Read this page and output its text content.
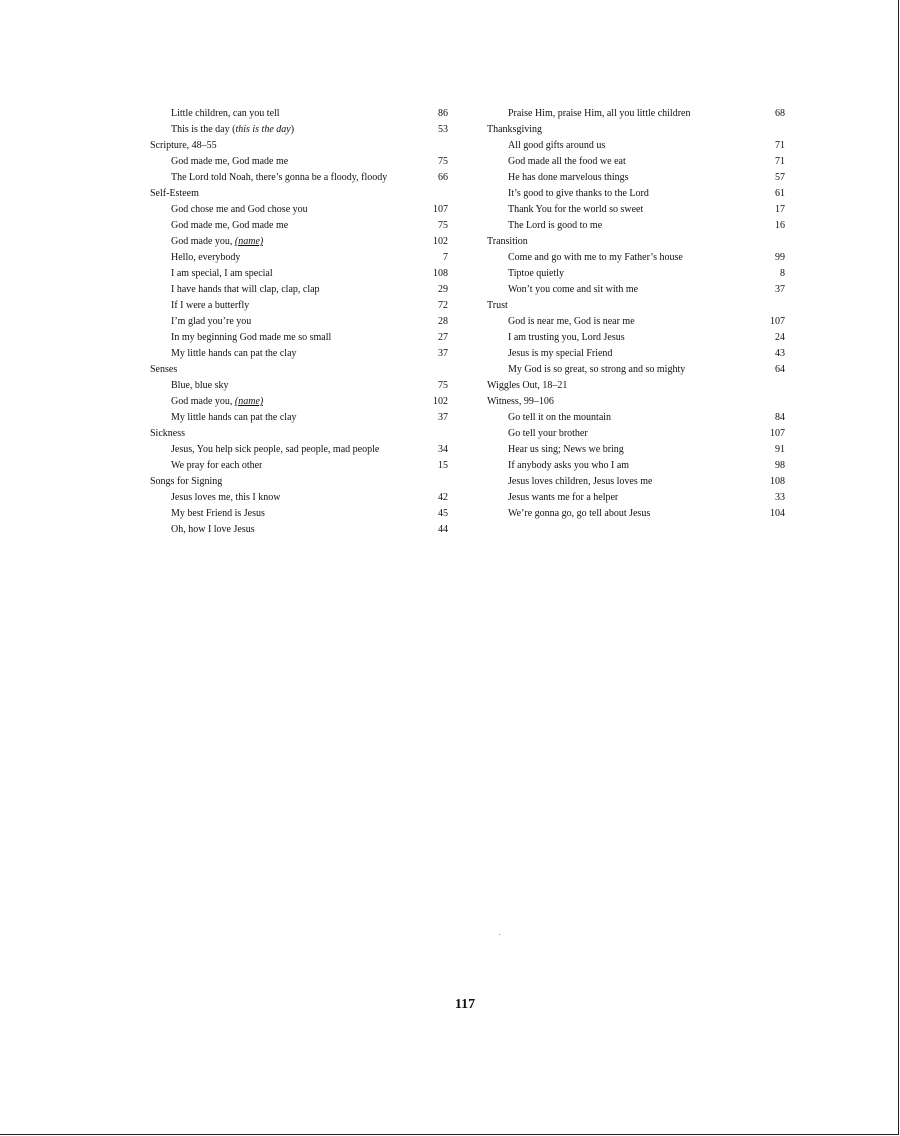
Little children, can you tell	86
This is the day (this is the day)	53
Scripture, 48–55
God made me, God made me	75
The Lord told Noah, there’s gonna be a floody, floody	66
Self-Esteem
God chose me and God chose you	107
God made me, God made me	75
God made you, (name)	102
Hello, everybody	7
I am special, I am special	108
I have hands that will clap, clap, clap	29
If I were a butterfly	72
I’m glad you’re you	28
In my beginning God made me so small	27
My little hands can pat the clay	37
Senses
Blue, blue sky	75
God made you, (name)	102
My little hands can pat the clay	37
Sickness
Jesus, You help sick people, sad people, mad people	34
We pray for each other	15
Songs for Signing
Jesus loves me, this I know	42
My best Friend is Jesus	45
Oh, how I love Jesus	44
Praise Him, praise Him, all you little children	68
Thanksgiving
All good gifts around us	71
God made all the food we eat	71
He has done marvelous things	57
It’s good to give thanks to the Lord	61
Thank You for the world so sweet	17
The Lord is good to me	16
Transition
Come and go with me to my Father’s house	99
Tiptoe quietly	8
Won’t you come and sit with me	37
Trust
God is near me, God is near me	107
I am trusting you, Lord Jesus	24
Jesus is my special Friend	43
My God is so great, so strong and so mighty	64
Wiggles Out, 18–21
Witness, 99–106
Go tell it on the mountain	84
Go tell your brother	107
Hear us sing; News we bring	91
If anybody asks you who I am	98
Jesus loves children, Jesus loves me	108
Jesus wants me for a helper	33
We’re gonna go, go tell about Jesus	104
117
